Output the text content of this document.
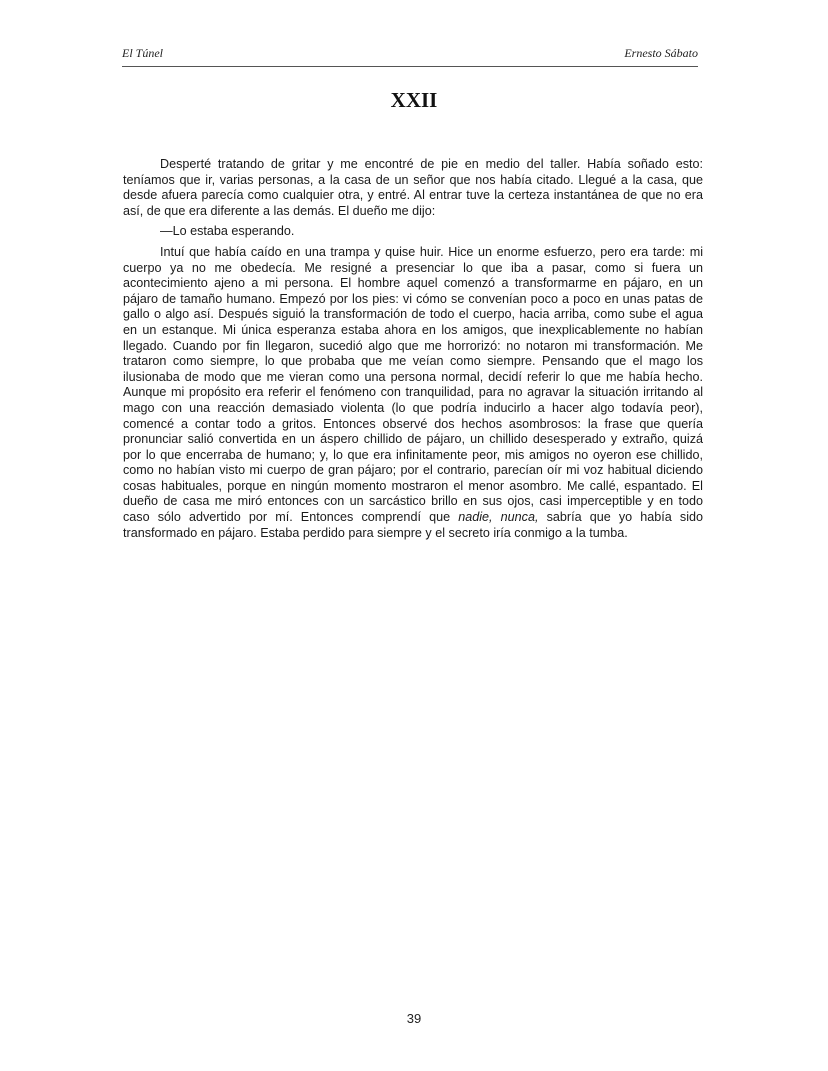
El Túnel	Ernesto Sábato
XXII
Desperté tratando de gritar y me encontré de pie en medio del taller. Había soñado esto:
teníamos que ir, varias personas, a la casa de un señor que nos había citado. Llegué a la casa, que
desde afuera parecía como cualquier otra, y entré. Al entrar tuve la certeza instantánea de que no era
así, de que era diferente a las demás. El dueño me dijo:
—Lo estaba esperando.
Intuí que había caído en una trampa y quise huir. Hice un enorme esfuerzo, pero era tarde: mi
cuerpo ya no me obedecía. Me resigné a presenciar lo que iba a pasar, como si fuera un
acontecimiento ajeno a mi persona. El hombre aquel comenzó a transformarme en pájaro, en un
pájaro de tamaño humano. Empezó por los pies: vi cómo se convenían poco a poco en unas patas de
gallo o algo así. Después siguió la transformación de todo el cuerpo, hacia arriba, como sube el agua
en un estanque. Mi única esperanza estaba ahora en los amigos, que inexplicablemente no habían
llegado. Cuando por fin llegaron, sucedió algo que me horrorizó: no notaron mi transformación. Me
trataron como siempre, lo que probaba que me veían como siempre. Pensando que el mago los
ilusionaba de modo que me vieran como una persona normal, decidí referir lo que me había hecho.
Aunque mi propósito era referir el fenómeno con tranquilidad, para no agravar la situación irritando al
mago con una reacción demasiado violenta (lo que podría inducirlo a hacer algo todavía peor),
comencé a contar todo a gritos. Entonces observé dos hechos asombrosos: la frase que quería
pronunciar salió convertida en un áspero chillido de pájaro, un chillido desesperado y extraño, quizá
por lo que encerraba de humano; y, lo que era infinitamente peor, mis amigos no oyeron ese chillido,
como no habían visto mi cuerpo de gran pájaro; por el contrario, parecían oír mi voz habitual diciendo
cosas habituales, porque en ningún momento mostraron el menor asombro. Me callé, espantado. El
dueño de casa me miró entonces con un sarcástico brillo en sus ojos, casi imperceptible y en todo
caso sólo advertido por mí. Entonces comprendí que nadie, nunca, sabría que yo había sido
transformado en pájaro. Estaba perdido para siempre y el secreto iría conmigo a la tumba.
39
